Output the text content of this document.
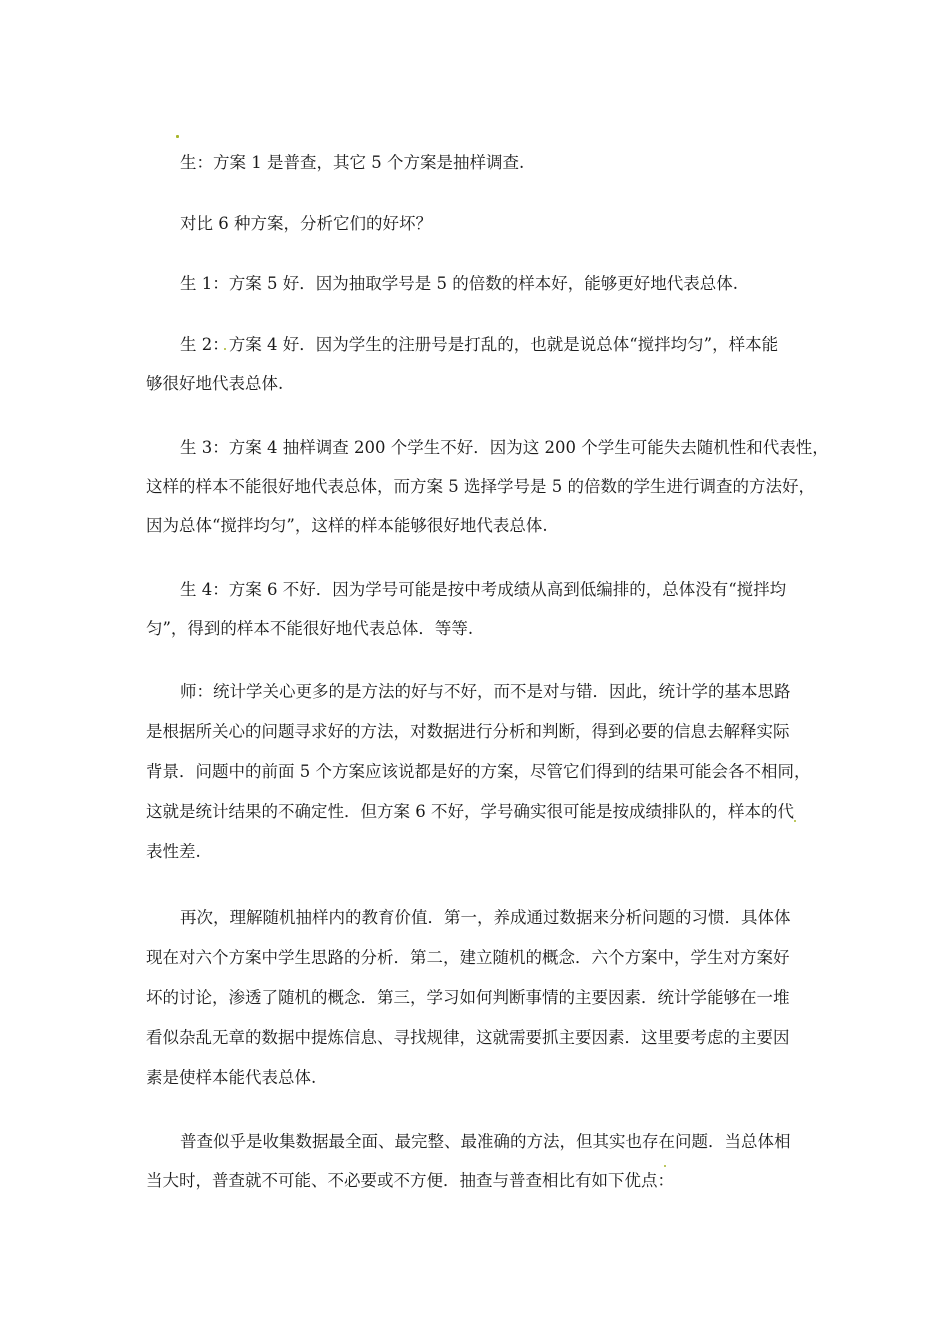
生：方案 1 是普查，其它 5 个方案是抽样调查.
对比 6 种方案，分析它们的好坏？
生 1：方案 5 好．因为抽取学号是 5 的倍数的样本好，能够更好地代表总体.
生 2：方案 4 好．因为学生的注册号是打乱的，也就是说总体“搅拌均匀”，样本能
够很好地代表总体.
生 3：方案 4 抽样调查 200 个学生不好．因为这 200 个学生可能失去随机性和代表性，
这样的样本不能很好地代表总体，而方案 5 选择学号是 5 的倍数的学生进行调查的方法好，
因为总体“搅拌均匀”，这样的样本能够很好地代表总体.
生 4：方案 6 不好．因为学号可能是按中考成绩从高到低编排的，总体没有“搅拌均
匀”，得到的样本不能很好地代表总体．等等.
师：统计学关心更多的是方法的好与不好，而不是对与错．因此，统计学的基本思路
是根据所关心的问题寻求好的方法，对数据进行分析和判断，得到必要的信息去解释实际
背景．问题中的前面 5 个方案应该说都是好的方案，尽管它们得到的结果可能会各不相同，
这就是统计结果的不确定性．但方案 6 不好，学号确实很可能是按成绩排队的，样本的代
表性差.
再次，理解随机抽样内的教育价值．第一，养成通过数据来分析问题的习惯．具体体
现在对六个方案中学生思路的分析．第二，建立随机的概念．六个方案中，学生对方案好
坏的讨论，渗透了随机的概念．第三，学习如何判断事情的主要因素．统计学能够在一堆
看似杂乱无章的数据中提炼信息、寻找规律，这就需要抓主要因素．这里要考虑的主要因
素是使样本能代表总体.
普查似乎是收集数据最全面、最完整、最准确的方法，但其实也存在问题．当总体相
当大时，普查就不可能、不必要或不方便．抽查与普查相比有如下优点：
